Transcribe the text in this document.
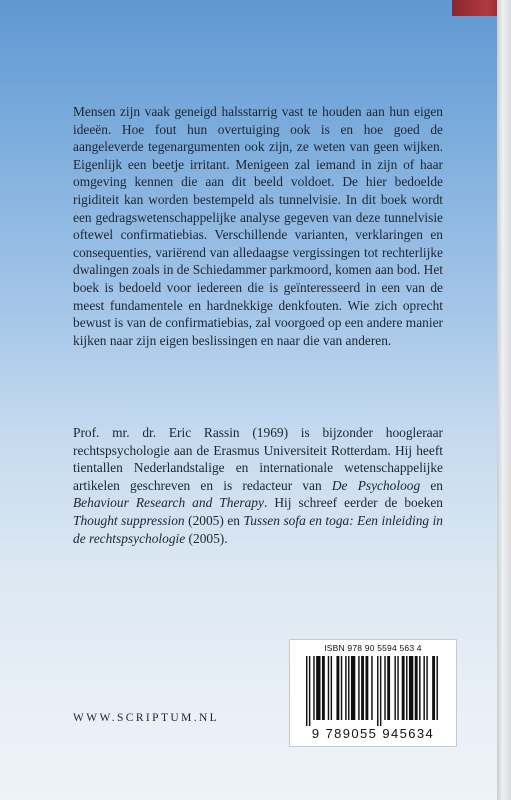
Mensen zijn vaak geneigd halsstarrig vast te houden aan hun eigen ideeën. Hoe fout hun overtuiging ook is en hoe goed de aangeleverde tegenargumenten ook zijn, ze weten van geen wijken. Eigenlijk een beetje irritant. Menigeen zal iemand in zijn of haar omgeving kennen die aan dit beeld voldoet. De hier bedoelde rigiditeit kan worden bestempeld als tunnelvisie. In dit boek wordt een gedragswetenschappelijke analyse gegeven van deze tunnelvisie oftewel confirmatiebias. Verschillende varianten, verklaringen en consequenties, variërend van alledaagse vergissingen tot rechterlijke dwalingen zoals in de Schiedammer parkmoord, komen aan bod. Het boek is bedoeld voor iedereen die is geïnteresseerd in een van de meest fundamentele en hardnekkige denkfouten. Wie zich oprecht bewust is van de confirmatiebias, zal voorgoed op een andere manier kijken naar zijn eigen beslissingen en naar die van anderen.

Prof. mr. dr. Eric Rassin (1969) is bijzonder hoogleraar rechtspsychologie aan de Erasmus Universiteit Rotterdam. Hij heeft tientallen Nederlandstalige en internationale wetenschappelijke artikelen geschreven en is redacteur van De Psycholoog en Behaviour Research and Therapy. Hij schreef eerder de boeken Thought suppression (2005) en Tussen sofa en toga: Een inleiding in de rechtspsychologie (2005).

WWW.SCRIPTUM.NL
ISBN 978 90 5594 563 4
9 789055 945634
